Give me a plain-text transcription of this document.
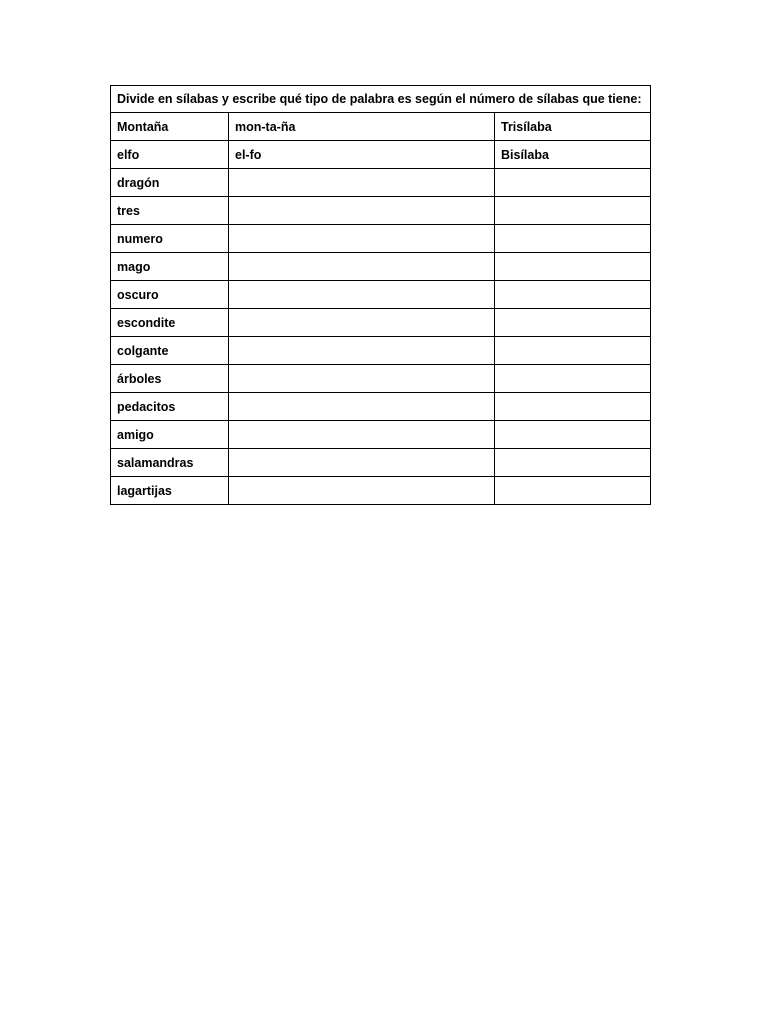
Divide en sílabas y escribe qué tipo de palabra es según el número de sílabas que tiene:		
Montaña	mon-ta-ña	Trisílaba
elfo	el-fo	Bisílaba
dragón		
tres		
numero		
mago		
oscuro		
escondite		
colgante		
árboles		
pedacitos		
amigo		
salamandras		
lagartijas		
